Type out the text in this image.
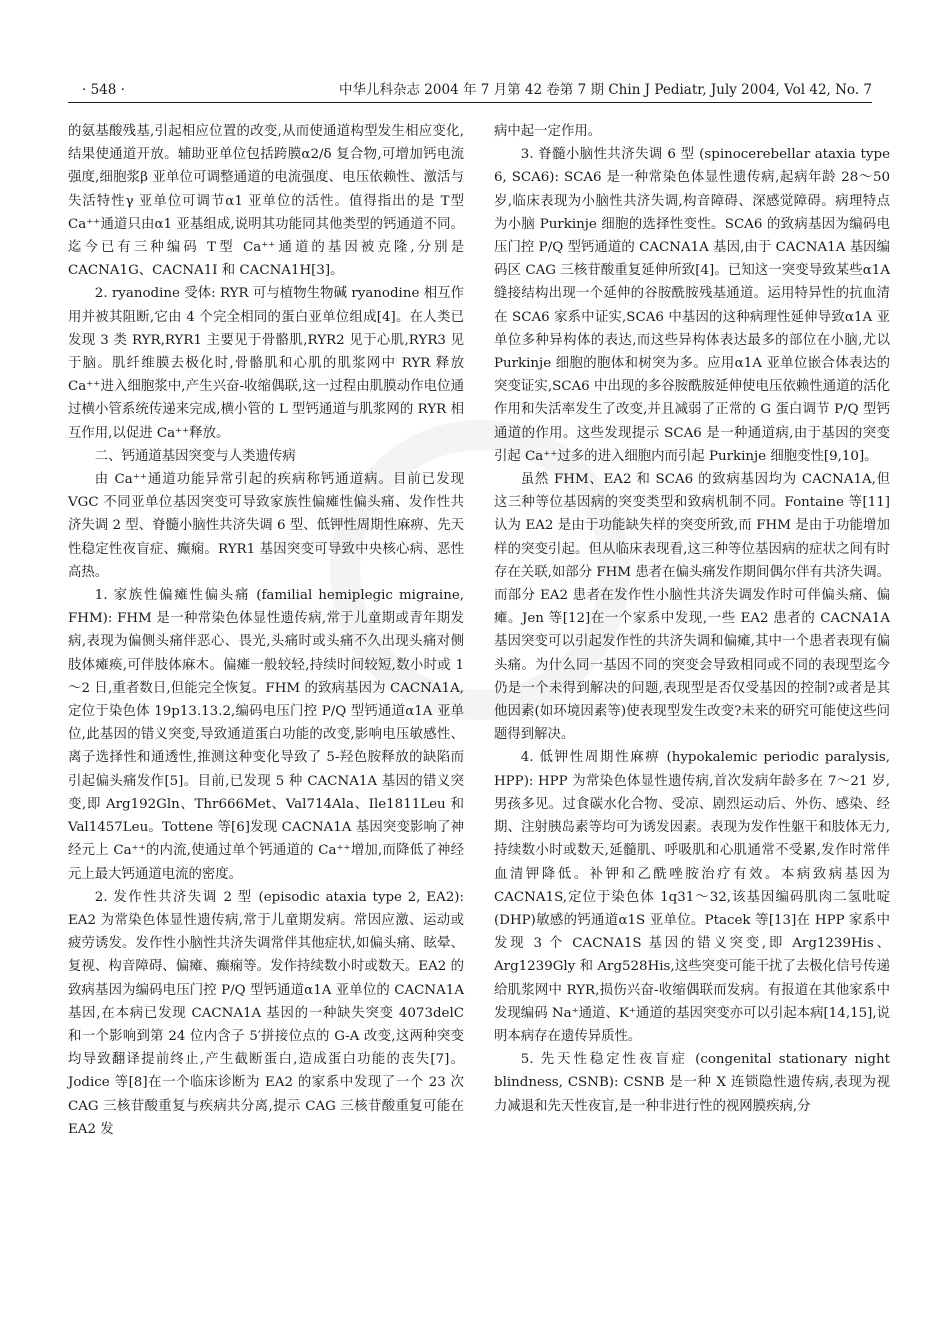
· 548 ·	中华儿科杂志 2004 年 7 月第 42 卷第 7 期 Chin J Pediatr, July 2004, Vol 42, No. 7

的氨基酸残基,引起相应位置的改变,从而使通道构型发生相应变化,结果使通道开放。辅助亚单位包括跨膜α2/δ 复合物,可增加钙电流强度,细胞浆β 亚单位可调整通道的电流强度、电压依赖性、激活与失活特性γ 亚单位可调节α1 亚单位的活性。值得指出的是 T型 Ca⁺⁺通道只由α1 亚基组成,说明其功能同其他类型的钙通道不同。迄今已有三种编码 T型 Ca⁺⁺通道的基因被克隆,分别是 CACNA1G、CACNA1I 和 CACNA1H[3]。

2. ryanodine 受体: RYR 可与植物生物碱 ryanodine 相互作用并被其阻断,它由 4 个完全相同的蛋白亚单位组成[4]。在人类已发现 3 类 RYR,RYR1 主要见于骨骼肌,RYR2 见于心肌,RYR3 见于脑。肌纤维膜去极化时,骨骼肌和心肌的肌浆网中 RYR 释放 Ca⁺⁺进入细胞浆中,产生兴奋-收缩偶联,这一过程由肌膜动作电位通过横小管系统传递来完成,横小管的 L 型钙通道与肌浆网的 RYR 相互作用,以促进 Ca⁺⁺释放。

二、钙通道基因突变与人类遗传病

由 Ca⁺⁺通道功能异常引起的疾病称钙通道病。目前已发现 VGC 不同亚单位基因突变可导致家族性偏瘫性偏头痛、发作性共济失调 2 型、脊髓小脑性共济失调 6 型、低钾性周期性麻痹、先天性稳定性夜盲症、癫痫。RYR1 基因突变可导致中央核心病、恶性高热。

1. 家族性偏瘫性偏头痛 (familial hemiplegic migraine, FHM): FHM 是一种常染色体显性遗传病,常于儿童期或青年期发病,表现为偏侧头痛伴恶心、畏光,头痛时或头痛不久出现头痛对侧肢体瘫痪,可伴肢体麻木。偏瘫一般较轻,持续时间较短,数小时或 1～2 日,重者数日,但能完全恢复。FHM 的致病基因为 CACNA1A,定位于染色体 19p13.13.2,编码电压门控 P/Q 型钙通道α1A 亚单位,此基因的错义突变,导致通道蛋白功能的改变,影响电压敏感性、离子选择性和通透性,推测这种变化导致了 5-羟色胺释放的缺陷而引起偏头痛发作[5]。目前,已发现 5 种 CACNA1A 基因的错义突变,即 Arg192Gln、Thr666Met、Val714Ala、Ile1811Leu 和 Val1457Leu。Tottene 等[6]发现 CACNA1A 基因突变影响了神经元上 Ca⁺⁺的内流,使通过单个钙通道的 Ca⁺⁺增加,而降低了神经元上最大钙通道电流的密度。

2. 发作性共济失调 2 型 (episodic ataxia type 2, EA2): EA2 为常染色体显性遗传病,常于儿童期发病。常因应激、运动或疲劳诱发。发作性小脑性共济失调常伴其他症状,如偏头痛、眩晕、复视、构音障碍、偏瘫、癫痫等。发作持续数小时或数天。EA2 的致病基因为编码电压门控 P/Q 型钙通道α1A 亚单位的 CACNA1A 基因,在本病已发现 CACNA1A 基因的一种缺失突变 4073delC 和一个影响到第 24 位内含子 5′拼接位点的 G-A 改变,这两种突变均导致翻译提前终止,产生截断蛋白,造成蛋白功能的丧失[7]。Jodice 等[8]在一个临床诊断为 EA2 的家系中发现了一个 23 次 CAG 三核苷酸重复与疾病共分离,提示 CAG 三核苷酸重复可能在 EA2 发

病中起一定作用。

3. 脊髓小脑性共济失调 6 型 (spinocerebellar ataxia type 6, SCA6): SCA6 是一种常染色体显性遗传病,起病年龄 28～50岁,临床表现为小脑性共济失调,构音障碍、深感觉障碍。病理特点为小脑 Purkinje 细胞的选择性变性。SCA6 的致病基因为编码电压门控 P/Q 型钙通道的 CACNA1A 基因,由于 CACNA1A 基因编码区 CAG 三核苷酸重复延伸所致[4]。已知这一突变导致某些α1A 缝接结构出现一个延伸的谷胺酰胺残基通道。运用特异性的抗血清在 SCA6 家系中证实,SCA6 中基因的这种病理性延伸导致α1A 亚单位多种异构体的表达,而这些异构体表达最多的部位在小脑,尤以 Purkinje 细胞的胞体和树突为多。应用α1A 亚单位嵌合体表达的突变证实,SCA6 中出现的多谷胺酰胺延伸使电压依赖性通道的活化作用和失活率发生了改变,并且减弱了正常的 G 蛋白调节 P/Q 型钙通道的作用。这些发现提示 SCA6 是一种通道病,由于基因的突变引起 Ca⁺⁺过多的进入细胞内而引起 Purkinje 细胞变性[9,10]。

虽然 FHM、EA2 和 SCA6 的致病基因均为 CACNA1A,但这三种等位基因病的突变类型和致病机制不同。Fontaine 等[11]认为 EA2 是由于功能缺失样的突变所致,而 FHM 是由于功能增加样的突变引起。但从临床表现看,这三种等位基因病的症状之间有时存在关联,如部分 FHM 患者在偏头痛发作期间偶尔伴有共济失调。而部分 EA2 患者在发作性小脑性共济失调发作时可伴偏头痛、偏瘫。Jen 等[12]在一个家系中发现,一些 EA2 患者的 CACNA1A 基因突变可以引起发作性的共济失调和偏瘫,其中一个患者表现有偏头痛。为什么同一基因不同的突变会导致相同或不同的表现型迄今仍是一个未得到解决的问题,表现型是否仅受基因的控制?或者是其他因素(如环境因素等)使表现型发生改变?未来的研究可能使这些问题得到解决。

4. 低钾性周期性麻痹 (hypokalemic periodic paralysis, HPP): HPP 为常染色体显性遗传病,首次发病年龄多在 7～21 岁,男孩多见。过食碳水化合物、受凉、剧烈运动后、外伤、感染、经期、注射胰岛素等均可为诱发因素。表现为发作性躯干和肢体无力,持续数小时或数天,延髓肌、呼吸肌和心肌通常不受累,发作时常伴血清钾降低。补钾和乙酰唑胺治疗有效。本病致病基因为 CACNA1S,定位于染色体 1q31～32,该基因编码肌肉二氢吡啶(DHP)敏感的钙通道α1S 亚单位。Ptacek 等[13]在 HPP 家系中发现 3 个 CACNA1S 基因的错义突变,即 Arg1239His、Arg1239Gly 和 Arg528His,这些突变可能干扰了去极化信号传递给肌浆网中 RYR,损伤兴奋-收缩偶联而发病。有报道在其他家系中发现编码 Na⁺通道、K⁺通道的基因突变亦可以引起本病[14,15],说明本病存在遗传异质性。

5. 先天性稳定性夜盲症 (congenital stationary night blindness, CSNB): CSNB 是一种 X 连锁隐性遗传病,表现为视力减退和先天性夜盲,是一种非进行性的视网膜疾病,分
